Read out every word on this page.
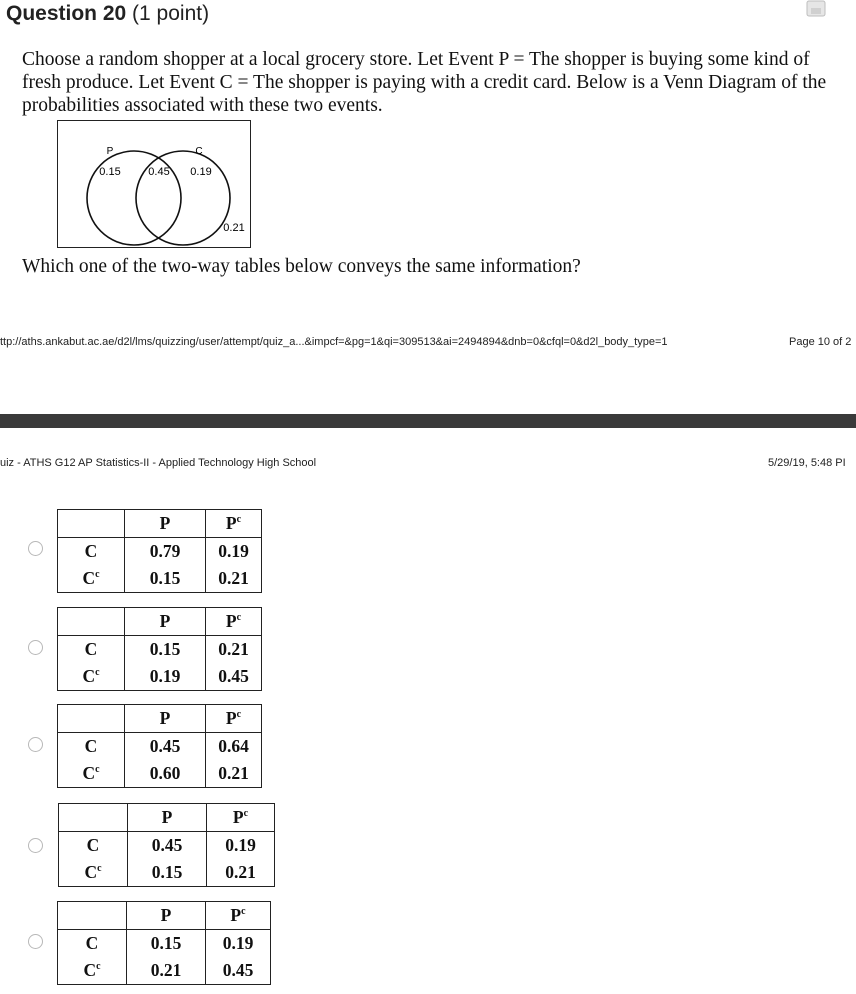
Question 20 (1 point)
Choose a random shopper at a local grocery store. Let Event P = The shopper is buying some kind of fresh produce. Let Event C = The shopper is paying with a credit card. Below is a Venn Diagram of the probabilities associated with these two events.
P	C
0.15	0.45 0.19
0.21
Which one of the two-way tables below conveys the same information?
ttp://aths.ankabut.ac.ae/d2l/lms/quizzing/user/attempt/quiz_a...&impcf=&pg=1&qi=309513&ai=2494894&dnb=0&cfql=0&d2l_body_type=1	Page 10 of 2
uiz - ATHS G12 AP Statistics-II - Applied Technology High School	5/29/19, 5:48 PI
	P	$P^c$
C	0.79	0.19
$C^c$	0.15	0.21
	P	$P^c$
C	0.15	0.21
$C^c$	0.19	0.45
	P	$P^c$
C	0.45	0.64
$C^c$	0.60	0.21
	P	$P^c$
C	0.45	0.19
$C^c$	0.15	0.21
	P	$P^c$
C	0.15	0.19
$C^c$	0.21	0.45
